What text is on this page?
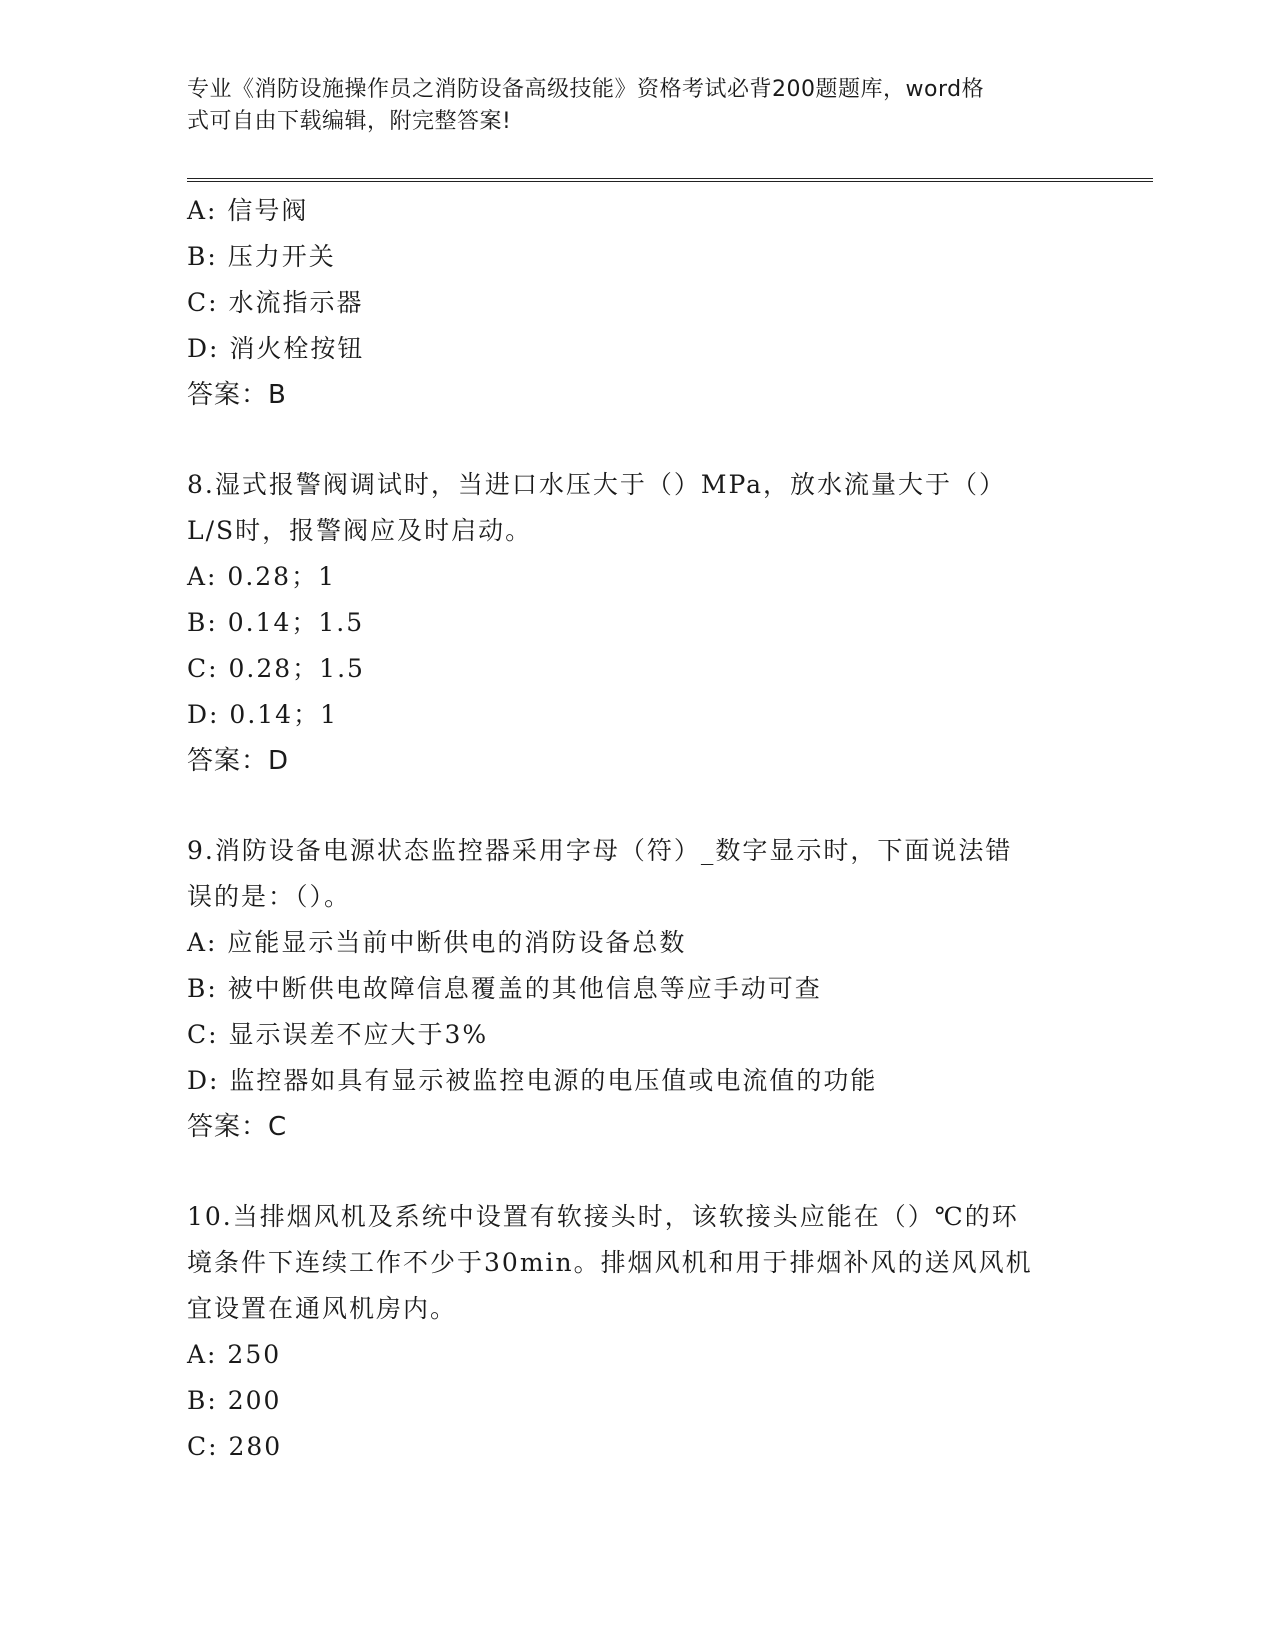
专业《消防设施操作员之消防设备高级技能》资格考试必背200题题库，word格
式可自由下载编辑，附完整答案!
A: 信号阀
B: 压力开关
C: 水流指示器
D: 消火栓按钮
答案：B
8.湿式报警阀调试时，当进口水压大于（）MPa，放水流量大于（）
L/S时，报警阀应及时启动。
A: 0.28；1
B: 0.14；1.5
C: 0.28；1.5
D: 0.14；1
答案：D
9.消防设备电源状态监控器采用字母（符）_数字显示时，下面说法错
误的是：（）。
A: 应能显示当前中断供电的消防设备总数
B: 被中断供电故障信息覆盖的其他信息等应手动可查
C: 显示误差不应大于3%
D: 监控器如具有显示被监控电源的电压值或电流值的功能
答案：C
10.当排烟风机及系统中设置有软接头时，该软接头应能在（）℃的环
境条件下连续工作不少于30min。排烟风机和用于排烟补风的送风风机
宜设置在通风机房内。
A: 250
B: 200
C: 280
